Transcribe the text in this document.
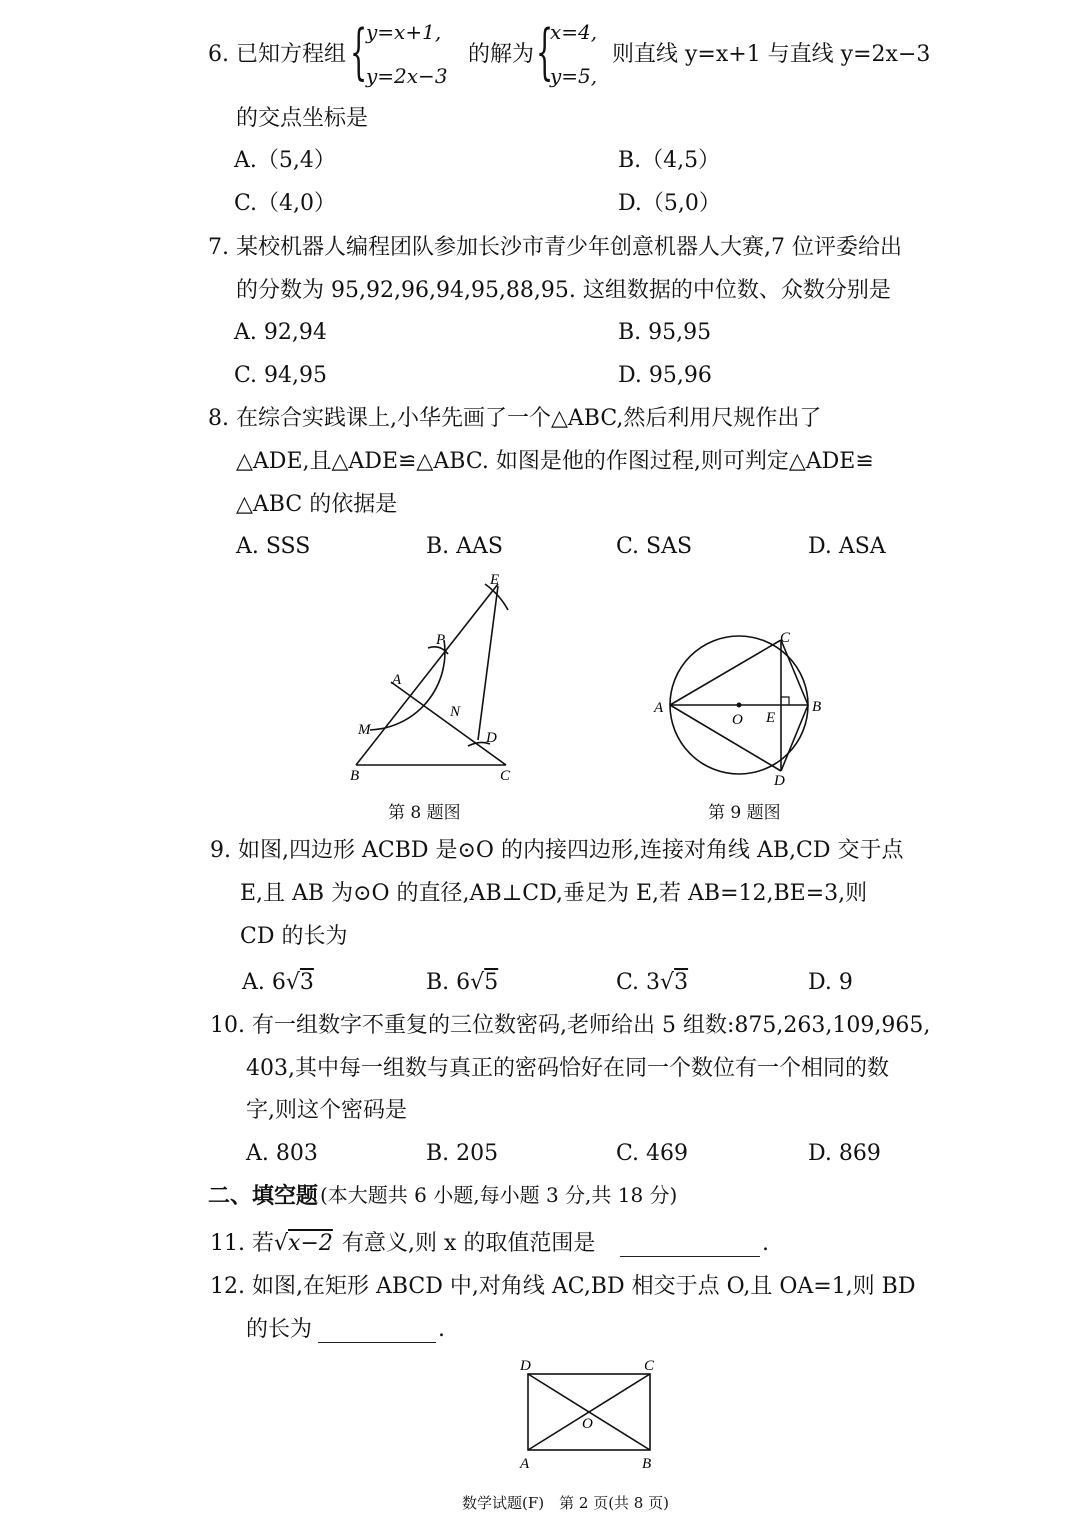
6. 已知方程组 {
y=x+1,
y=2x−3
的解为 {
x=4,
y=5,
则直线 y=x+1 与直线 y=2x−3
的交点坐标是
A.（5,4）	B.（4,5）
C.（4,0）	D.（5,0）
7. 某校机器人编程团队参加长沙市青少年创意机器人大赛,7 位评委给出
的分数为 95,92,96,94,95,88,95. 这组数据的中位数、众数分别是
A. 92,94	B. 95,95
C. 94,95	D. 95,96
8. 在综合实践课上,小华先画了一个△ABC,然后利用尺规作出了
△ADE,且△ADE≌△ABC. 如图是他的作图过程,则可判定△ADE≌
△ABC 的依据是
A. SSS	B. AAS	C. SAS	D. ASA
E
P
A
N
M	D
B	C
第 8 题图
C
A
O E
B
D
第 9 题图
9. 如图,四边形 ACBD 是⊙O 的内接四边形,连接对角线 AB,CD 交于点
E,且 AB 为⊙O 的直径,AB⊥CD,垂足为 E,若 AB=12,BE=3,则
CD 的长为
A. 6√3	B. 6√5	C. 3√3	D. 9
10. 有一组数字不重复的三位数密码,老师给出 5 组数:875,263,109,965,
403,其中每一组数与真正的密码恰好在同一个数位有一个相同的数
字,则这个密码是
A. 803	B. 205	C. 469	D. 869
二、填空题 (本大题共 6 小题,每小题 3 分,共 18 分)
11. 若 √x−2 有意义,则 x 的取值范围是	.
12. 如图,在矩形 ABCD 中,对角线 AC,BD 相交于点 O,且 OA=1,则 BD
的长为	.
D	C
O
A	B
数学试题(F)　第 2 页(共 8 页)
